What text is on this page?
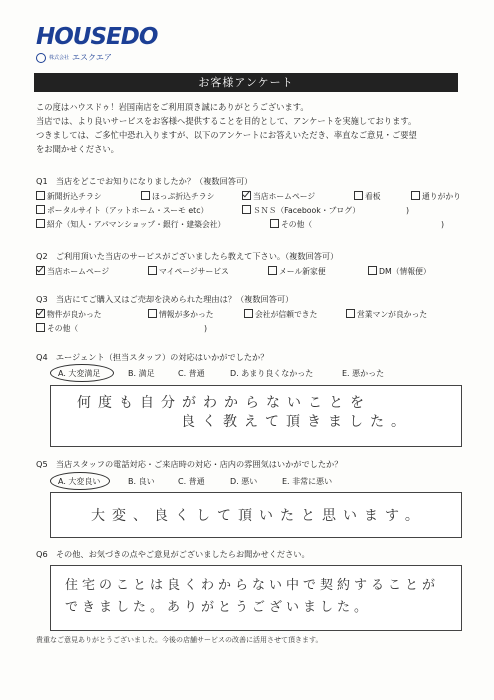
HOUSEDO
株式会社 エスクエア
お客様アンケート
この度はハウスドゥ！岩国南店をご利用頂き誠にありがとうございます。
当店では、より良いサービスをお客様へ提供することを目的として、アンケートを実施しております。
つきましては、ご多忙中恐れ入りますが、以下のアンケートにお答えいただき、率直なご意見・ご要望
をお聞かせください。
Q1　当店をどこでお知りになりましたか？（複数回答可）
新聞折込チラシ	ほっぷ折込チラシ	当店ホームページ	看板	通りがかり
ポータルサイト（アットホーム・スーモ etc）	ＳＮＳ（Facebook・ブログ）	)
紹介（知人・アパマンショップ・銀行・建築会社）	その他（	)
Q2　ご利用頂いた当店のサービスがございましたら教えて下さい。（複数回答可）
当店ホームページ	マイページサービス	メール新家便	DM（情報便）
Q3　当店にてご購入又はご売却を決められた理由は？（複数回答可）
物件が良かった	情報が多かった	会社が信頼できた	営業マンが良かった
その他（	)
Q4　エージェント（担当スタッフ）の対応はいかがでしたか？
A. 大変満足	B. 満足	C. 普通	D. あまり良くなかった	E. 悪かった
何度も自分がわからないことを
良く教えて頂きました。
Q5　当店スタッフの電話対応・ご来店時の対応・店内の雰囲気はいかがでしたか？
A. 大変良い	B. 良い	C. 普通	D. 悪い	E. 非常に悪い
大変、良くして頂いたと思います。
Q6　その他、お気づきの点やご意見がございましたらお聞かせください。
住宅のことは良くわからない中で契約することが
できました。ありがとうございました。
貴重なご意見ありがとうございました。今後の店舗サービスの改善に活用させて頂きます。
